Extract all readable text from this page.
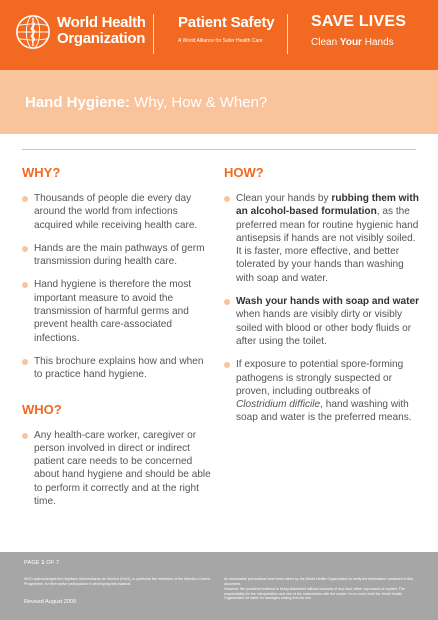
World Health
Organization
Patient Safety
A World Alliance for Safer Health Care
SAVE LIVES
Clean Your Hands
Hand Hygiene: Why, How & When?
WHY?
Thousands of people die every day around the world from infections acquired while receiving health care.
Hands are the main pathways of germ transmission during health care.
Hand hygiene is therefore the most important measure to avoid the transmission of harmful germs and prevent health care-associated infections.
This brochure explains how and when to practice hand hygiene.
WHO?
Any health-care worker, caregiver or person involved in direct or indirect patient care needs to be concerned about hand hygiene and should be able to perform it correctly and at the right time.
HOW?
Clean your hands by rubbing them with an alcohol-based formulation, as the preferred mean for routine hygienic hand antisepsis if hands are not visibly soiled. It is faster, more effective, and better tolerated by your hands than washing with soap and water.
Wash your hands with soap and water when hands are visibly dirty or visibly soiled with blood or other body fluids or after using the toilet.
If exposure to potential spore-forming pathogens is strongly suspected or proven, including outbreaks of Clostridium difficile, hand washing with soap and water is the preferred means.
PAGE 1 OF 7
WHO acknowledges the Hôpitaux Universitaires de Genève (HUG), in particular the members of the Infection Control Programme, for their active participation in developing this material.
All reasonable precautions have been taken by the World Health Organization to verify the information contained in this document.
However, the published material is being distributed without warranty of any kind, either expressed or implied. The responsibility for the interpretation and use of the material lies with the reader. In no event shall the World Health Organization be liable for damages arising from its use.
Revised August 2009
